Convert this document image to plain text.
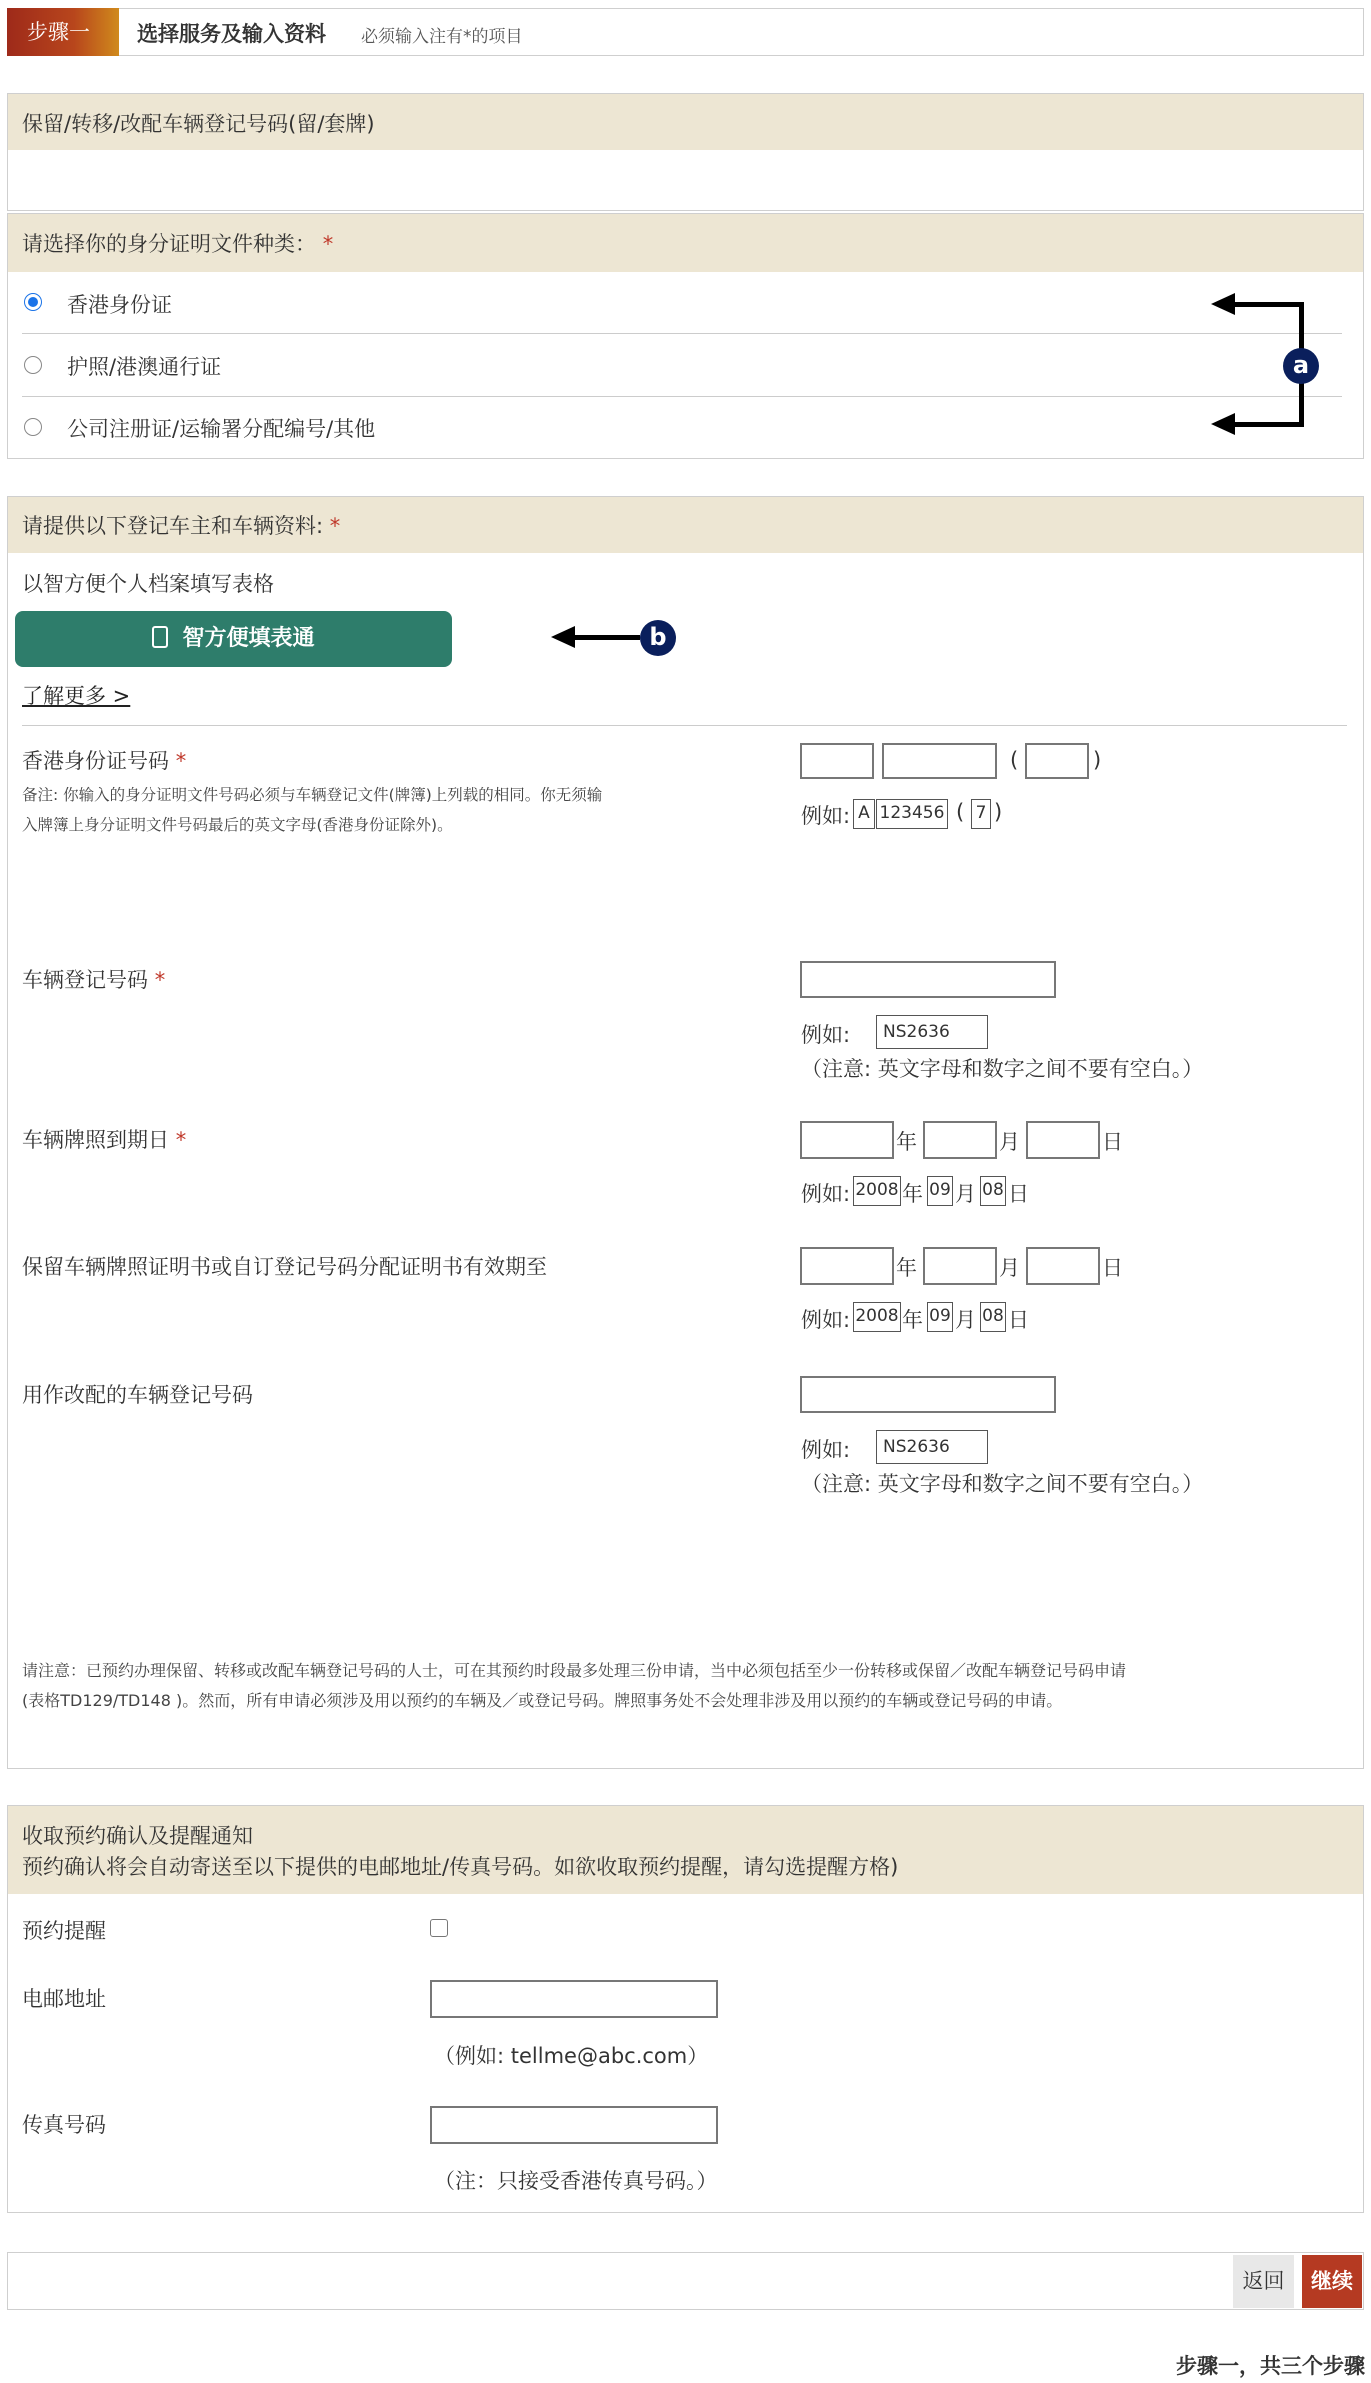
步骤一	选择服务及输入资料 必须输入注有*的项目
保留/转移/改配车辆登记号码(留/套牌)
请选择你的身分证明文件种类： *
香港身份证
护照/港澳通行证
公司注册证/运输署分配编号/其他
a
请提供以下登记车主和车辆资料: *
以智方便个人档案填写表格
智方便填表通	b
了解更多 >
香港身份证号码 *
备注: 你输入的身分证明文件号码必须与车辆登记文件(牌簿)上列载的相同。你无须输
入牌簿上身分证明文件号码最后的英文字母(香港身份证除外)。
(	)
例如: A 123456 ( 7 )
车辆登记号码 *
例如:	NS2636
（注意: 英文字母和数字之间不要有空白。）
车辆牌照到期日 *	年	月	日
例如: 2008 年 09 月 08 日
保留车辆牌照证明书或自订登记号码分配证明书有效期至	年	月	日
例如: 2008 年 09 月 08 日
用作改配的车辆登记号码
例如:	NS2636
（注意: 英文字母和数字之间不要有空白。）
请注意：已预约办理保留、转移或改配车辆登记号码的人士，可在其预约时段最多处理三份申请，当中必须包括至少一份转移或保留／改配车辆登记号码申请
(表格TD129/TD148 )。然而，所有申请必须涉及用以预约的车辆及／或登记号码。牌照事务处不会处理非涉及用以预约的车辆或登记号码的申请。
收取预约确认及提醒通知
预约确认将会自动寄送至以下提供的电邮地址/传真号码。如欲收取预约提醒，请勾选提醒方格)
预约提醒
电邮地址
（例如: tellme@abc.com）
传真号码
（注：只接受香港传真号码。）
返回	继续
步骤一，共三个步骤
